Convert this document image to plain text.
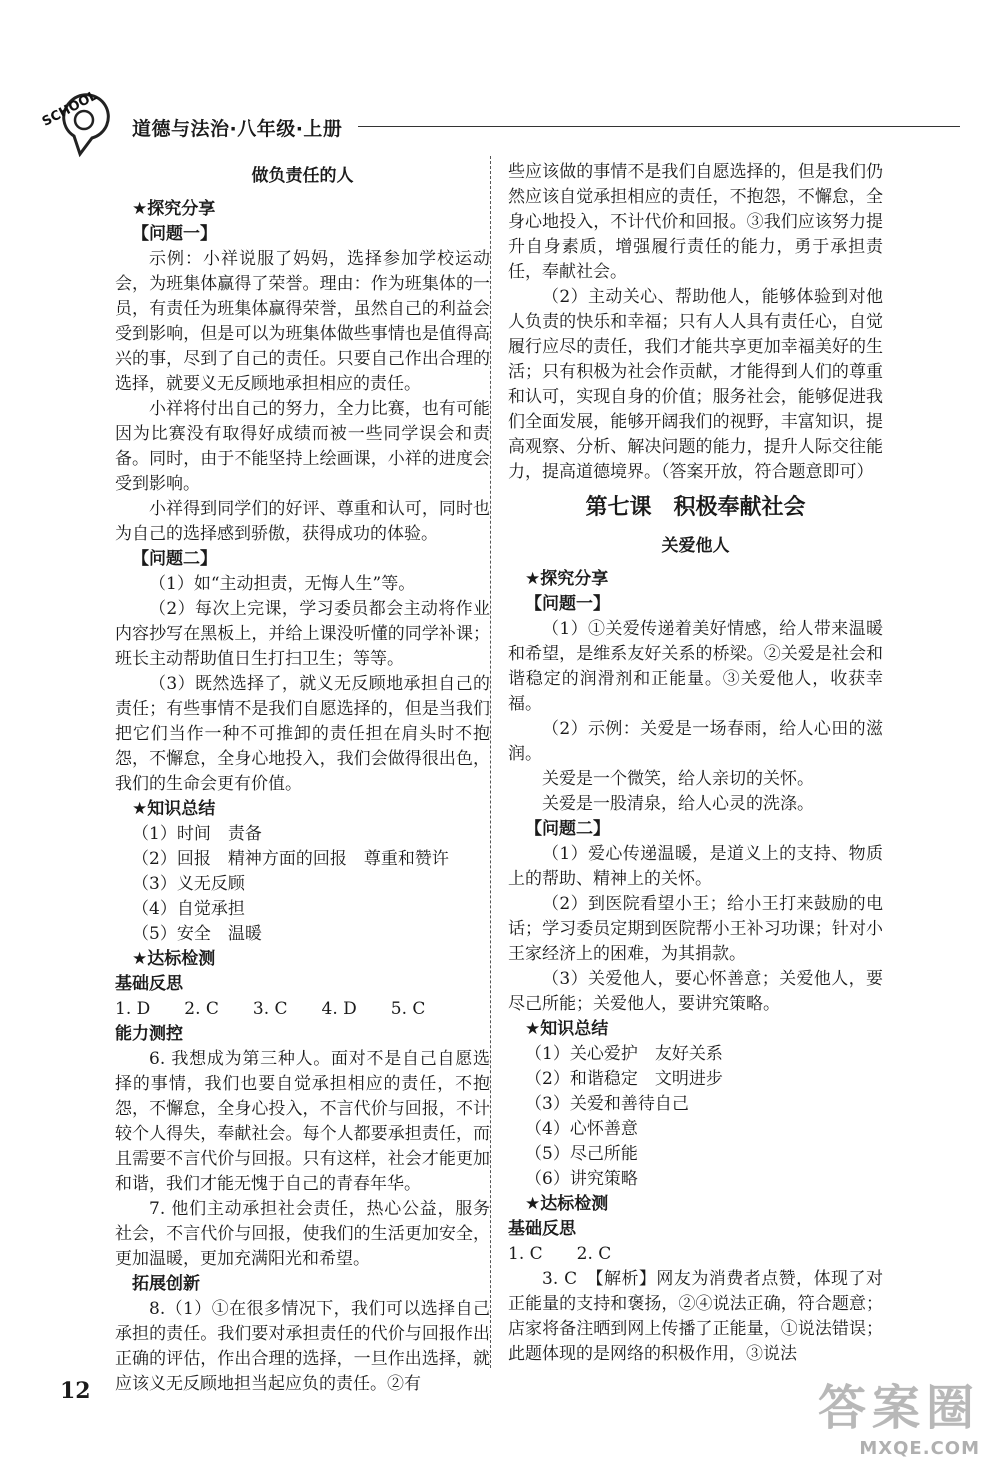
SCHOOL 道德与法治·八年级·上册
做负责任的人

★探究分享

【问题一】

示例：小祥说服了妈妈，选择参加学校运动会，为班集体赢得了荣誉。理由：作为班集体的一员，有责任为班集体赢得荣誉，虽然自己的利益会受到影响，但是可以为班集体做些事情也是值得高兴的事，尽到了自己的责任。只要自己作出合理的选择，就要义无反顾地承担相应的责任。

小祥将付出自己的努力，全力比赛，也有可能因为比赛没有取得好成绩而被一些同学误会和责备。同时，由于不能坚持上绘画课，小祥的进度会受到影响。

小祥得到同学们的好评、尊重和认可，同时也为自己的选择感到骄傲，获得成功的体验。

【问题二】

（1）如“主动担责，无悔人生”等。

（2）每次上完课，学习委员都会主动将作业内容抄写在黑板上，并给上课没听懂的同学补课；班长主动帮助值日生打扫卫生；等等。

（3）既然选择了，就义无反顾地承担自己的责任；有些事情不是我们自愿选择的，但是当我们把它们当作一种不可推卸的责任担在肩头时不抱怨，不懈怠，全身心地投入，我们会做得很出色，我们的生命会更有价值。

★知识总结

（1）时间　责备

（2）回报　精神方面的回报　尊重和赞许

（3）义无反顾

（4）自觉承担

（5）安全　温暖

★达标检测

基础反思

1. D　　2. C　　3. C　　4. D　　5. C

能力测控

6. 我想成为第三种人。面对不是自己自愿选择的事情，我们也要自觉承担相应的责任，不抱怨，不懈怠，全身心投入，不言代价与回报，不计较个人得失，奉献社会。每个人都要承担责任，而且需要不言代价与回报。只有这样，社会才能更加和谐，我们才能无愧于自己的青春年华。

7. 他们主动承担社会责任，热心公益，服务社会，不言代价与回报，使我们的生活更加安全，更加温暖，更加充满阳光和希望。

拓展创新

8.（1）①在很多情况下，我们可以选择自己承担的责任。我们要对承担责任的代价与回报作出正确的评估，作出合理的选择，一旦作出选择，就应该义无反顾地担当起应负的责任。②有

些应该做的事情不是我们自愿选择的，但是我们仍然应该自觉承担相应的责任，不抱怨，不懈怠，全身心地投入，不计代价和回报。③我们应该努力提升自身素质，增强履行责任的能力，勇于承担责任，奉献社会。

（2）主动关心、帮助他人，能够体验到对他人负责的快乐和幸福；只有人人具有责任心，自觉履行应尽的责任，我们才能共享更加幸福美好的生活；只有积极为社会作贡献，才能得到人们的尊重和认可，实现自身的价值；服务社会，能够促进我们全面发展，能够开阔我们的视野，丰富知识，提高观察、分析、解决问题的能力，提升人际交往能力，提高道德境界。（答案开放，符合题意即可）

第七课　积极奉献社会
关爱他人

★探究分享

【问题一】

（1）①关爱传递着美好情感，给人带来温暖和希望，是维系友好关系的桥梁。②关爱是社会和谐稳定的润滑剂和正能量。③关爱他人，收获幸福。

（2）示例：关爱是一场春雨，给人心田的滋润。

关爱是一个微笑，给人亲切的关怀。

关爱是一股清泉，给人心灵的洗涤。

【问题二】

（1）爱心传递温暖，是道义上的支持、物质上的帮助、精神上的关怀。

（2）到医院看望小王；给小王打来鼓励的电话；学习委员定期到医院帮小王补习功课；针对小王家经济上的困难，为其捐款。

（3）关爱他人，要心怀善意；关爱他人，要尽己所能；关爱他人，要讲究策略。

★知识总结

（1）关心爱护　友好关系

（2）和谐稳定　文明进步

（3）关爱和善待自己

（4）心怀善意

（5）尽己所能

（6）讲究策略

★达标检测

基础反思

1. C　　2. C

3. C　【解析】网友为消费者点赞，体现了对正能量的支持和褒扬，②④说法正确，符合题意；店家将备注晒到网上传播了正能量，①说法错误；此题体现的是网络的积极作用，③说法

12	答案圈
MXQE.COM
